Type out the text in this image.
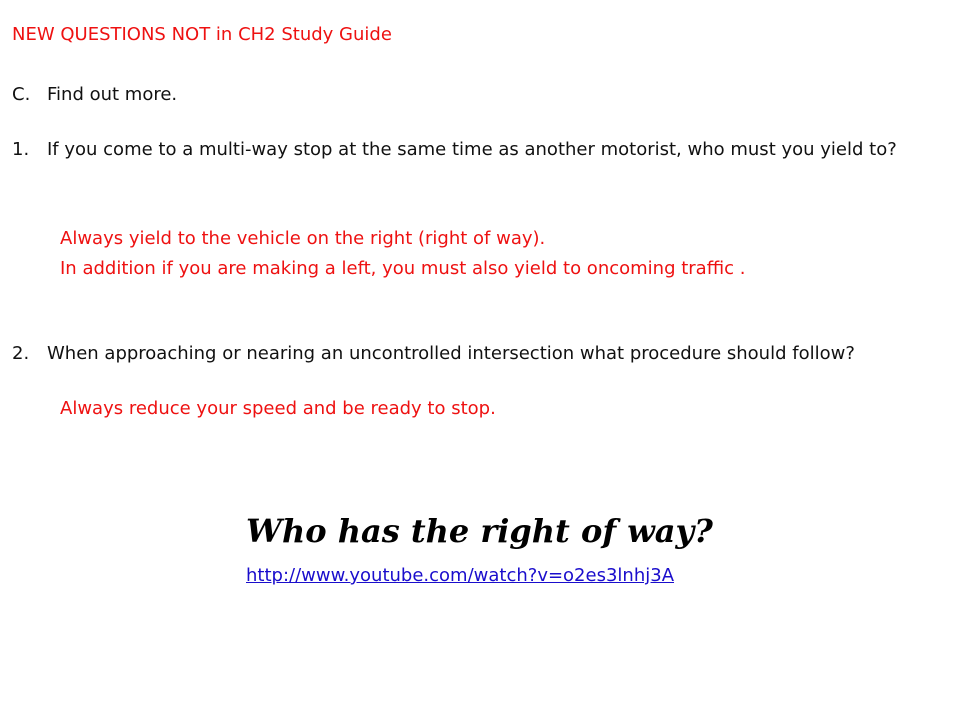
NEW QUESTIONS NOT in CH2 Study Guide
C. Find out more.
1. If you come to a multi-way stop at the same time as another motorist, who must you yield to?
Always yield to the vehicle on the right (right of way).
In addition if you are making a left, you must also yield to oncoming traffic .
2. When approaching or nearing an uncontrolled intersection what procedure should follow?
Always reduce your speed and be ready to stop.
Who has the right of way?
http://www.youtube.com/watch?v=o2es3lnhj3A
